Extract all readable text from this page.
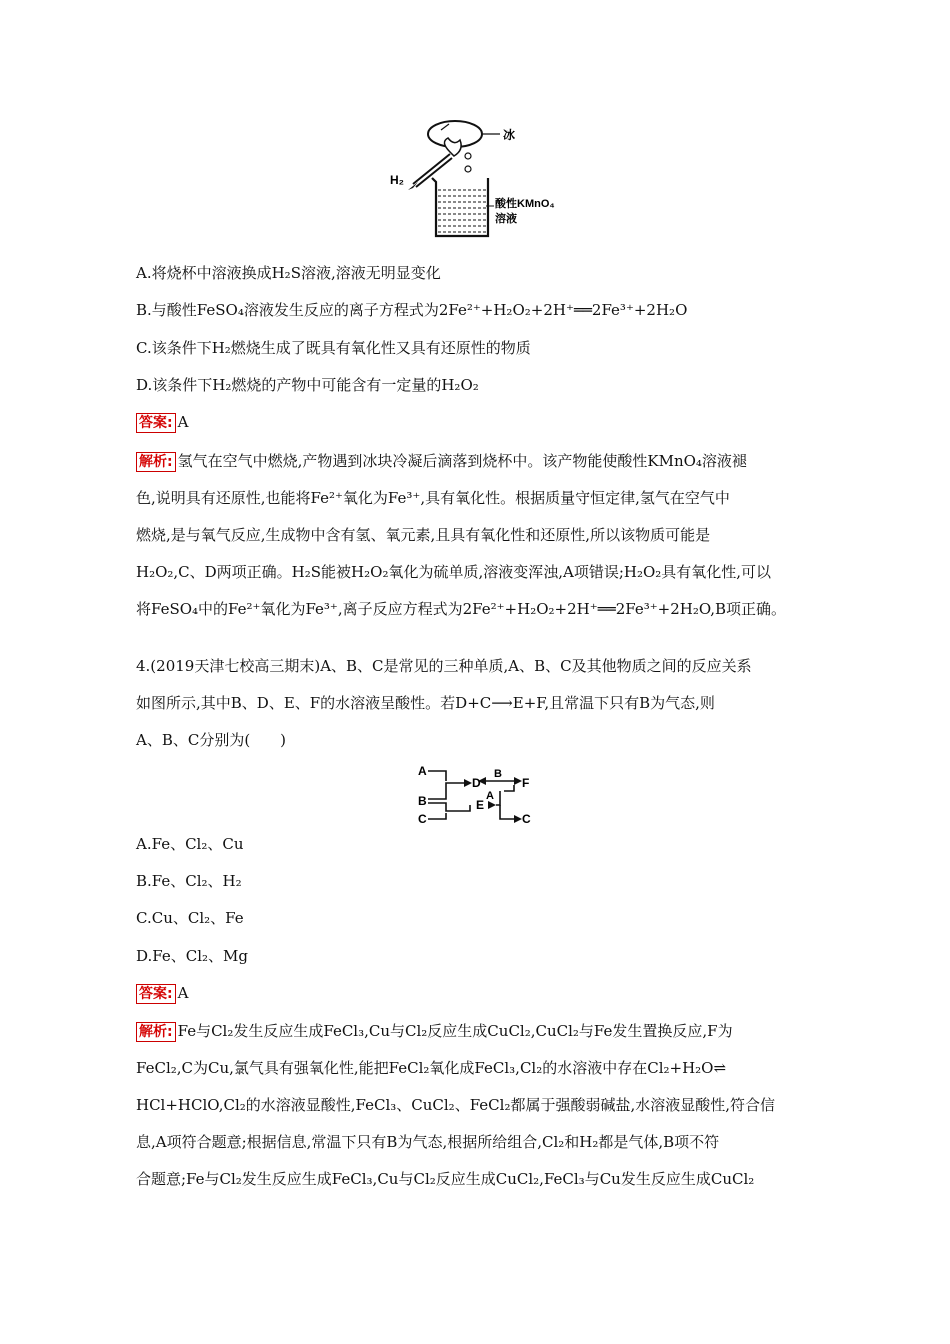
冰
H₂
酸性KMnO₄
溶液
A.将烧杯中溶液换成H₂S溶液,溶液无明显变化
B.与酸性FeSO₄溶液发生反应的离子方程式为2Fe²⁺+H₂O₂+2H⁺══2Fe³⁺+2H₂O
C.该条件下H₂燃烧生成了既具有氧化性又具有还原性的物质
D.该条件下H₂燃烧的产物中可能含有一定量的H₂O₂
答案: A
解析: 氢气在空气中燃烧,产物遇到冰块冷凝后滴落到烧杯中。该产物能使酸性KMnO₄溶液褪
色,说明具有还原性,也能将Fe²⁺氧化为Fe³⁺,具有氧化性。根据质量守恒定律,氢气在空气中
燃烧,是与氧气反应,生成物中含有氢、氧元素,且具有氧化性和还原性,所以该物质可能是
H₂O₂,C、D两项正确。H₂S能被H₂O₂氧化为硫单质,溶液变浑浊,A项错误;H₂O₂具有氧化性,可以
将FeSO₄中的Fe²⁺氧化为Fe³⁺,离子反应方程式为2Fe²⁺+H₂O₂+2H⁺══2Fe³⁺+2H₂O,B项正确。
4.(2019天津七校高三期末)A、B、C是常见的三种单质,A、B、C及其他物质之间的反应关系
如图所示,其中B、D、E、F的水溶液呈酸性。若D+C⟶E+F,且常温下只有B为气态,则
A、B、C分别为(　　)
A
B
C
D
E
F
B
A
C
A.Fe、Cl₂、Cu
B.Fe、Cl₂、H₂
C.Cu、Cl₂、Fe
D.Fe、Cl₂、Mg
答案: A
解析: Fe与Cl₂发生反应生成FeCl₃,Cu与Cl₂反应生成CuCl₂,CuCl₂与Fe发生置换反应,F为
FeCl₂,C为Cu,氯气具有强氧化性,能把FeCl₂氧化成FeCl₃,Cl₂的水溶液中存在Cl₂+H₂O⇌
HCl+HClO,Cl₂的水溶液显酸性,FeCl₃、CuCl₂、FeCl₂都属于强酸弱碱盐,水溶液显酸性,符合信
息,A项符合题意;根据信息,常温下只有B为气态,根据所给组合,Cl₂和H₂都是气体,B项不符
合题意;Fe与Cl₂发生反应生成FeCl₃,Cu与Cl₂反应生成CuCl₂,FeCl₃与Cu发生反应生成CuCl₂
